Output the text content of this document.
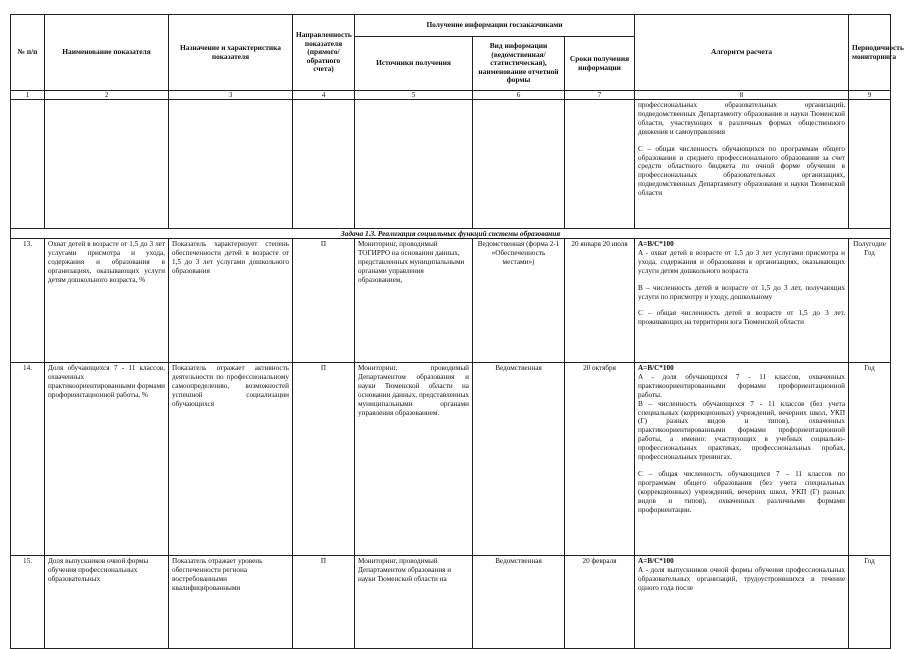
№ п/п	Наименование показателя	Назначение и характеристика показателя	Направленность показателя (прямого/обратного счета)	Получение информации госзаказчиками			Алгоритм расчета	Периодичность мониторинга
				Источники получения	Вид информации (ведомственная/статистическая), наименование отчетной формы	Сроки получения информации		
1	2	3	4	5	6	7	8	9

							профессиональных образовательных организаций, подведомственных Департаменту образования и науки Тюменской области, участвующих в различных формах общественного движения и самоуправления

С – общая численность обучающихся по программам общего образования и среднего профессионального образования за счет средств областного бюджета по очной форме обучения в профессиональных образовательных организациях, подведомственных Департаменту образования и науки Тюменской области	

Задача 1.3. Реализация социальных функций системы образования								
13.	Охват детей в возрасте от 1,5 до 3 лет услугами присмотра и ухода, содержания и образования в организациях, оказывающих услуги детям дошкольного возраста, %	Показатель характеризует степень обеспеченности детей в возрасте от 1,5 до 3 лет услугами дошкольного образования	П	Мониторинг, проводимый ТОГИРРО на основании данных, представленных муниципальными органами управления образованием,	Ведомственная (форма 2-1 «Обеспеченность местами»)	20 января 20 июля	A=B/C*100

A - охват детей в возрасте от 1,5 до 3 лет услугами присмотра и ухода, содержания и образования в организациях, оказывающих услуги детям дошкольного возраста

B – численность детей в возрасте от 1,5 до 3 лет, получающих услуги по присмотру и уходу, дошкольному

С – общая численность детей в возрасте от 1,5 до 3 лет, проживающих на территории юга Тюменской области	Полугодие Год
14.	Доля обучающихся 7 - 11 классов, охваченных практикоориентированными формами профориентационной работы, %	Показатель отражает активность деятельности по профессиональному самоопределению, возможностей успешной социализации обучающихся	П	Мониторинг, проводимый Департаментом образования и науки Тюменской области на основании данных, представленных муниципальными органами управления образованием.	Ведомственная	20 октября	A=B/C*100

A - доля обучающихся 7 - 11 классов, охваченных практикоориентированными формами профориентационной работы.

B – численность обучающихся 7 - 11 классов (без учета специальных (коррекционных) учреждений, вечерних школ, УКП (Г) разных видов и типов), охваченных практикоориентированными формами профориентационной работы, а именно: участвующих в учебных социально-профессиональных практиках, профессиональных пробах, профессиональных тренингах.

С – общая численность обучающихся 7 – 11 классов по программам общего образования (без учета специальных (коррекционных) учреждений, вечерних школ, УКП (Г) разных видов и типов), охваченных различными формами профориентации.	Год
15.	Доля выпускников очной формы обучения профессиональных образовательных	Показатель отражает уровень обеспеченности региона востребованными квалифицированными	П	Мониторинг, проводимый Департаментом образования и науки Тюменской области на	Ведомственная	20 февраля	A=B/C*100

A - доля выпускников очной формы обучения профессиональных образовательных организаций, трудоустроившихся в течение одного года после	Год
